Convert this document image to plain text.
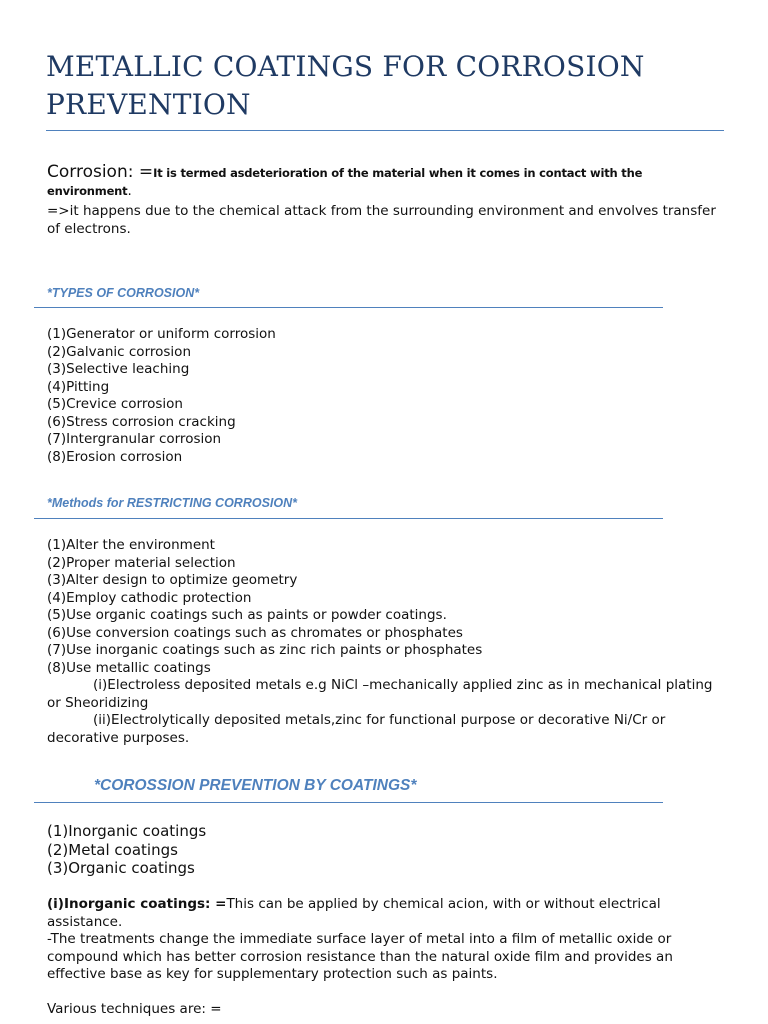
METALLIC COATINGS FOR CORROSION PREVENTION

Corrosion: =It is termed asdeterioration of the material when it comes in contact with the environment.

=>it happens due to the chemical attack from the surrounding environment and envolves transfer of electrons.

*TYPES OF CORROSION*

(1)Generator or uniform corrosion
(2)Galvanic corrosion
(3)Selective leaching
(4)Pitting
(5)Crevice corrosion
(6)Stress corrosion cracking
(7)Intergranular corrosion
(8)Erosion corrosion

*Methods for RESTRICTING CORROSION*

(1)Alter the environment
(2)Proper material selection
(3)Alter design to optimize geometry
(4)Employ cathodic protection
(5)Use organic coatings such as paints or powder coatings.
(6)Use conversion coatings such as chromates or phosphates
(7)Use inorganic coatings such as zinc rich paints or phosphates
(8)Use metallic coatings
(i)Electroless deposited metals e.g NiCl –mechanically applied zinc as in mechanical plating or Sheoridizing
(ii)Electrolytically deposited metals,zinc for functional purpose or decorative Ni/Cr or decorative purposes.

*COROSSION PREVENTION BY COATINGS*

(1)Inorganic coatings
(2)Metal coatings
(3)Organic coatings

(i)Inorganic coatings: =This can be applied by chemical acion, with or without electrical assistance.

-The treatments change the immediate surface layer of metal into a film of metallic oxide or compound which has better corrosion resistance than the natural oxide film and provides an effective base as key for supplementary protection such as paints.

Various techniques are: =
